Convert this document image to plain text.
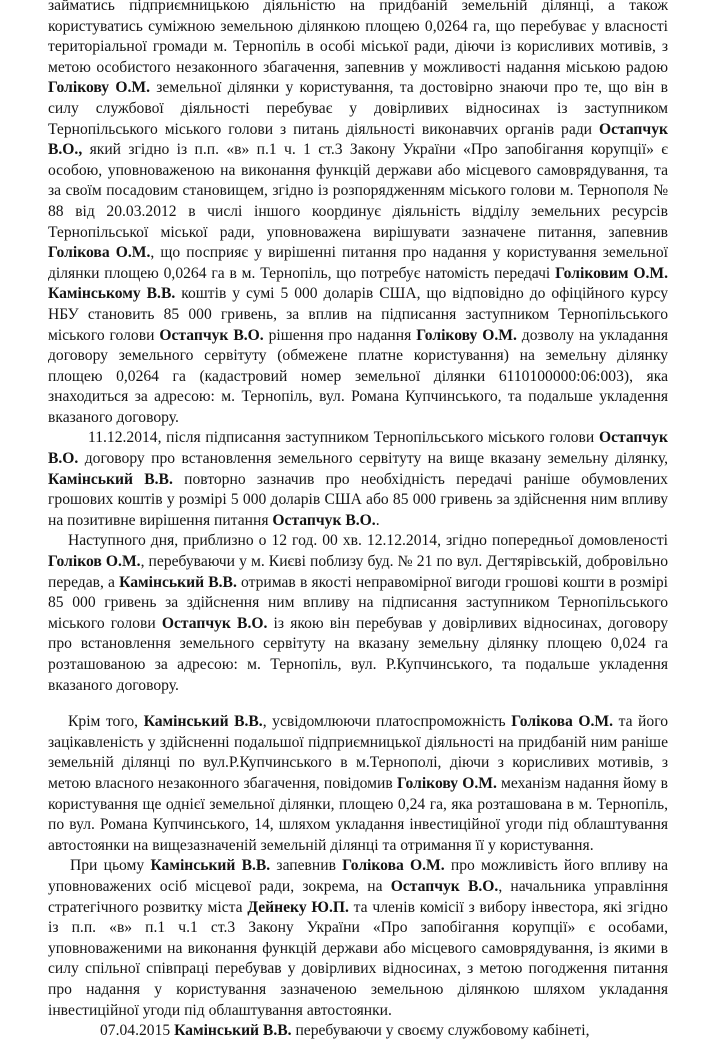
займатись підприємницькою діяльністю на придбаній земельній ділянці, а також користуватись суміжною земельною ділянкою площею 0,0264 га, що перебуває у власності територіальної громади м. Тернопіль в особі міської ради, діючи із корисливих мотивів, з метою особистого незаконного збагачення, запевнив у можливості надання міською радою Голікову О.М. земельної ділянки у користування, та достовірно знаючи про те, що він в силу службової діяльності перебуває у довірливих відносинах із заступником Тернопільського міського голови з питань діяльності виконавчих органів ради Остапчук В.О., який згідно із п.п. «в» п.1 ч. 1 ст.3 Закону України «Про запобігання корупції» є особою, уповноваженою на виконання функцій держави або місцевого самоврядування, та за своїм посадовим становищем, згідно із розпорядженням міського голови м. Тернополя № 88 від 20.03.2012 в числі іншого координує діяльність відділу земельних ресурсів Тернопільської міської ради, уповноважена вирішувати зазначене питання, запевнив Голікова О.М., що посприяє у вирішенні питання про надання у користування земельної ділянки площею 0,0264 га в м. Тернопіль, що потребує натомість передачі Голіковим О.М. Камінському В.В. коштів у сумі 5 000 доларів США, що відповідно до офіційного курсу НБУ становить 85 000 гривень, за вплив на підписання заступником Тернопільського міського голови Остапчук В.О. рішення про надання Голікову О.М. дозволу на укладання договору земельного сервітуту (обмежене платне користування) на земельну ділянку площею 0,0264 га (кадастровий номер земельної ділянки 6110100000:06:003), яка знаходиться за адресою: м. Тернопіль, вул. Романа Купчинського, та подальше укладення вказаного договору.

11.12.2014, після підписання заступником Тернопільського міського голови Остапчук В.О. договору про встановлення земельного сервітуту на вище вказану земельну ділянку, Камінський В.В. повторно зазначив про необхідність передачі раніше обумовлених грошових коштів у розмірі 5 000 доларів США або 85 000 гривень за здійснення ним впливу на позитивне вирішення питання Остапчук В.О..

Наступного дня, приблизно о 12 год. 00 хв. 12.12.2014, згідно попередньої домовленості Голіков О.М., перебуваючи у м. Києві поблизу буд. № 21 по вул. Дегтярівській, добровільно передав, а Камінський В.В. отримав в якості неправомірної вигоди грошові кошти в розмірі 85 000 гривень за здійснення ним впливу на підписання заступником Тернопільського міського голови Остапчук В.О. із якою він перебував у довірливих відносинах, договору про встановлення земельного сервітуту на вказану земельну ділянку площею 0,024 га розташованою за адресою: м. Тернопіль, вул. Р.Купчинського, та подальше укладення вказаного договору.

Крім того, Камінський В.В., усвідомлюючи платоспроможність Голікова О.М. та його зацікавленість у здійсненні подальшої підприємницької діяльності на придбаній ним раніше земельній ділянці по вул.Р.Купчинського в м.Тернополі, діючи з корисливих мотивів, з метою власного незаконного збагачення, повідомив Голікову О.М. механізм надання йому в користування ще однієї земельної ділянки, площею 0,24 га, яка розташована в м. Тернопіль, по вул. Романа Купчинського, 14, шляхом укладання інвестиційної угоди під облаштування автостоянки на вищезазначеній земельній ділянці та отримання її у користування.

При цьому Камінський В.В. запевнив Голікова О.М. про можливість його впливу на уповноважених осіб місцевої ради, зокрема, на Остапчук В.О., начальника управління стратегічного розвитку міста Дейнеку Ю.П. та членів комісії з вибору інвестора, які згідно із п.п. «в» п.1 ч.1 ст.3 Закону України «Про запобігання корупції» є особами, уповноваженими на виконання функцій держави або місцевого самоврядування, із якими в силу спільної співпраці перебував у довірливих відносинах, з метою погодження питання про надання у користування зазначеною земельною ділянкою шляхом укладання інвестиційної угоди під облаштування автостоянки.

07.04.2015 Камінський В.В. перебуваючи у своєму службовому кабінеті,
